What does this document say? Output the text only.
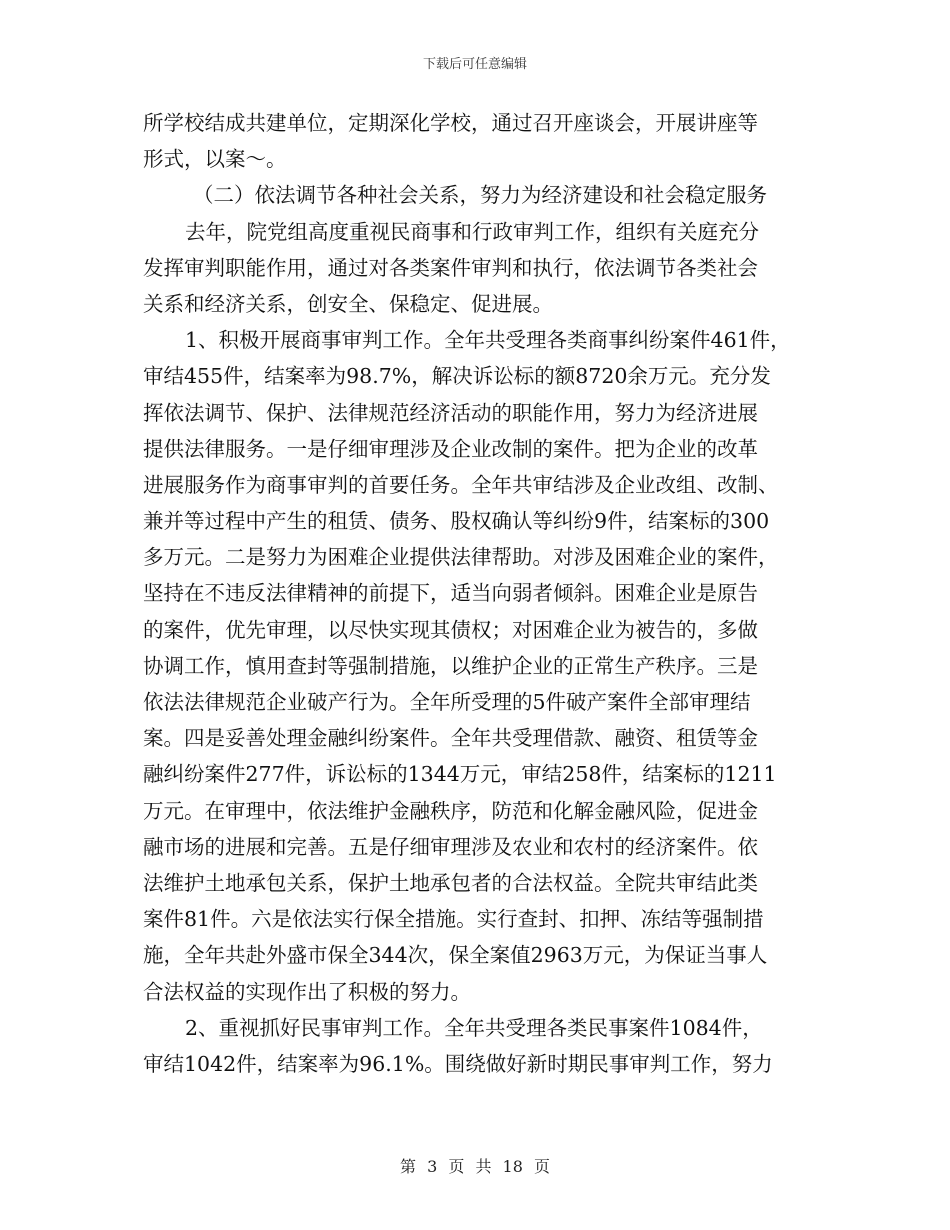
下载后可任意编辑
所学校结成共建单位，定期深化学校，通过召开座谈会，开展讲座等
形式，以案～。
（二）依法调节各种社会关系，努力为经济建设和社会稳定服务
去年，院党组高度重视民商事和行政审判工作，组织有关庭充分
发挥审判职能作用，通过对各类案件审判和执行，依法调节各类社会
关系和经济关系，创安全、保稳定、促进展。
1、积极开展商事审判工作。全年共受理各类商事纠纷案件461件，
审结455件，结案率为98.7%，解决诉讼标的额8720余万元。充分发
挥依法调节、保护、法律规范经济活动的职能作用，努力为经济进展
提供法律服务。一是仔细审理涉及企业改制的案件。把为企业的改革
进展服务作为商事审判的首要任务。全年共审结涉及企业改组、改制、
兼并等过程中产生的租赁、债务、股权确认等纠纷9件，结案标的300
多万元。二是努力为困难企业提供法律帮助。对涉及困难企业的案件，
坚持在不违反法律精神的前提下，适当向弱者倾斜。困难企业是原告
的案件，优先审理，以尽快实现其债权；对困难企业为被告的，多做
协调工作，慎用查封等强制措施，以维护企业的正常生产秩序。三是
依法法律规范企业破产行为。全年所受理的5件破产案件全部审理结
案。四是妥善处理金融纠纷案件。全年共受理借款、融资、租赁等金
融纠纷案件277件，诉讼标的1344万元，审结258件，结案标的1211
万元。在审理中，依法维护金融秩序，防范和化解金融风险，促进金
融市场的进展和完善。五是仔细审理涉及农业和农村的经济案件。依
法维护土地承包关系，保护土地承包者的合法权益。全院共审结此类
案件81件。六是依法实行保全措施。实行查封、扣押、冻结等强制措
施，全年共赴外盛市保全344次，保全案值2963万元，为保证当事人
合法权益的实现作出了积极的努力。
2、重视抓好民事审判工作。全年共受理各类民事案件1084件，
审结1042件，结案率为96.1%。围绕做好新时期民事审判工作，努力
第 3 页 共 18 页
